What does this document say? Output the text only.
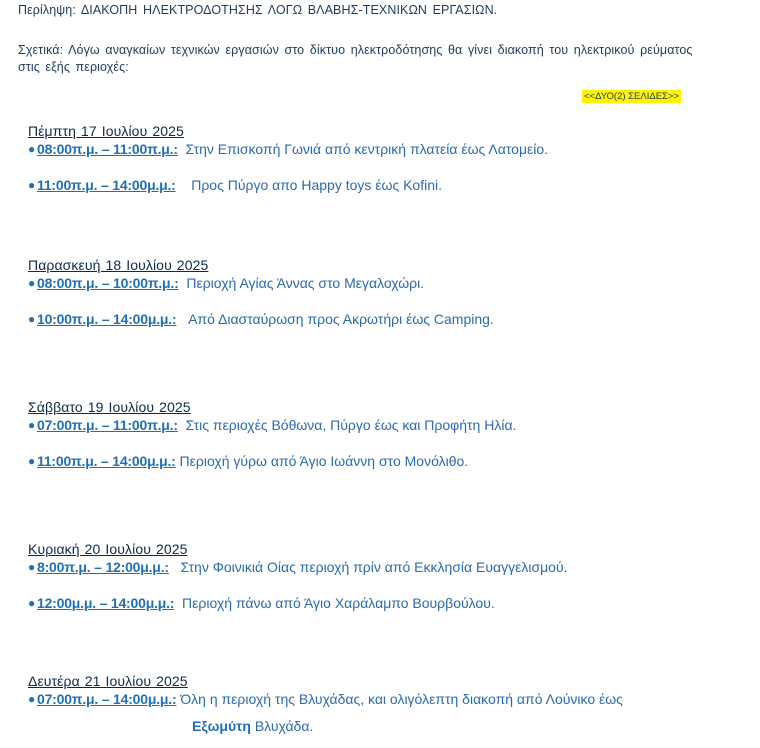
Περίληψη: ΔΙΑΚΟΠΗ ΗΛΕΚΤΡΟΔΟΤΗΣΗΣ ΛΟΓΩ ΒΛΑΒΗΣ-ΤΕΧΝΙΚΩΝ ΕΡΓΑΣΙΩΝ.
Σχετικά: Λόγω αναγκαίων τεχνικών εργασιών στο δίκτυο ηλεκτροδότησης θα γίνει διακοπή του ηλεκτρικού ρεύματος στις εξής περιοχές:
<<ΔΥΟ(2) ΣΕΛΙΔΕΣ>>
Πέμπτη 17 Ιουλίου 2025
● 08:00π.μ. – 11:00π.μ.: Στην Επισκοπή Γωνιά από κεντρική πλατεία έως Λατομείο.
● 11:00π.μ. – 14:00μ.μ.: Προς Πύργο απο Happy toys έως Kofini.
Παρασκευή 18 Ιουλίου 2025
● 08:00π.μ. – 10:00π.μ.: Περιοχή Αγίας Άννας στο Μεγαλοχώρι.
● 10:00π.μ. – 14:00μ.μ.: Από Διασταύρωση προς Ακρωτήρι έως Camping.
Σάββατο 19 Ιουλίου 2025
● 07:00π.μ. – 11:00π.μ.: Στις περιοχές Βόθωνα, Πύργο έως και Προφήτη Ηλία.
● 11:00π.μ. – 14:00μ.μ.: Περιοχή γύρω από Άγιο Ιωάννη στο Μονόλιθο.
Κυριακή 20 Ιουλίου 2025
● 8:00π.μ. – 12:00μ.μ.: Στην Φοινικιά Οίας περιοχή πρίν από Εκκλησία Ευαγγελισμού.
● 12:00μ.μ. – 14:00μ.μ.: Περιοχή πάνω από Άγιο Χαράλαμπο Βουρβούλου.
Δευτέρα 21 Ιουλίου 2025
● 07:00π.μ. – 14:00μ.μ.: Όλη η περιοχή της Βλυχάδας, και ολιγόλεπτη διακοπή από Λούνικο έως
Εξωμύτη Βλυχάδα.
